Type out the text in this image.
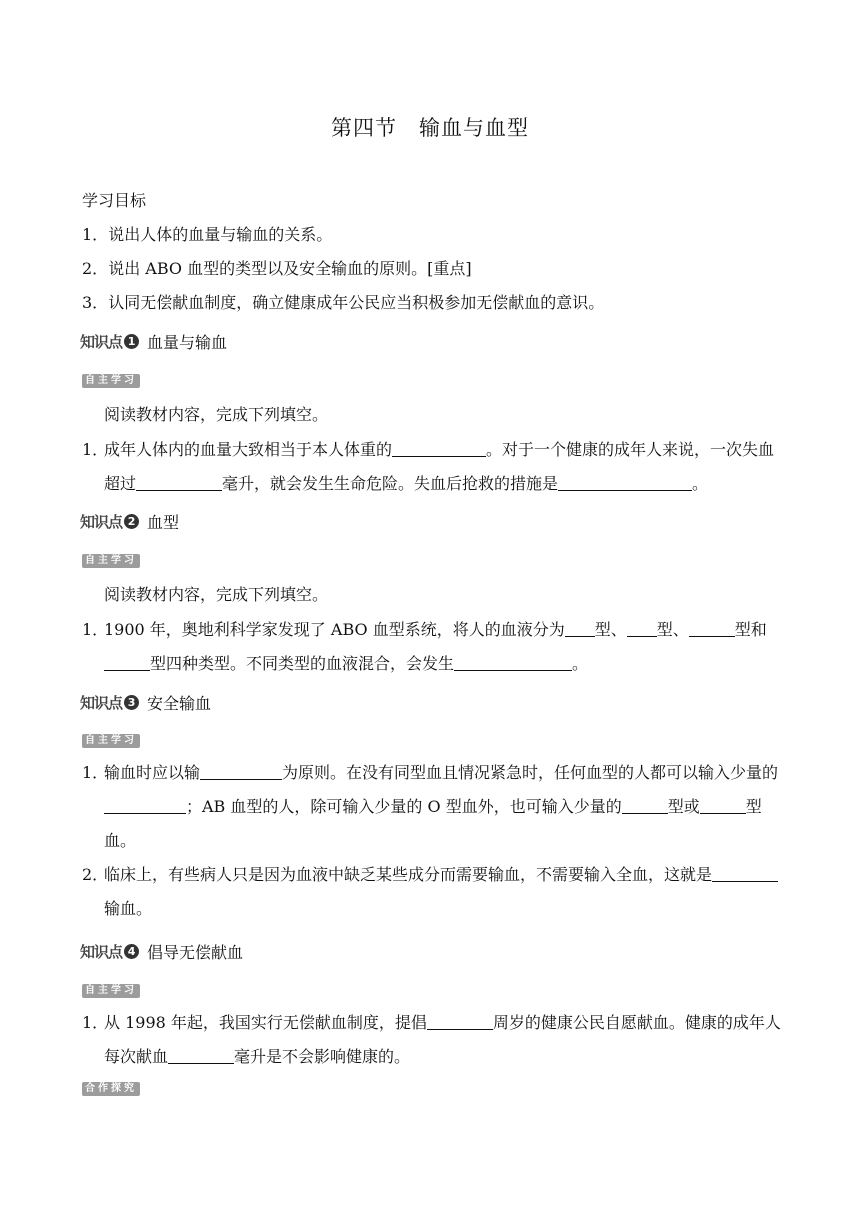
第四节　输血与血型
学习目标
1．说出人体的血量与输血的关系。
2．说出 ABO 血型的类型以及安全输血的原则。[重点]
3．认同无偿献血制度，确立健康成年公民应当积极参加无偿献血的意识。
知识点 1 血量与输血
自主学习
阅读教材内容，完成下列填空。
1．
成年人体内的血量大致相当于本人体重的	。对于一个健康的成年人来说，一次失血超过	毫升，就会发生生命危险。失血后抢救的措施是	。
知识点 2 血型
自主学习
阅读教材内容，完成下列填空。
1．
1900 年，奥地利科学家发现了 ABO 血型系统，将人的血液分为 型、 型、	型和型四种类型。不同类型的血液混合，会发生	。
知识点 3 安全输血
自主学习
1．
输血时应以输	为原则。在没有同型血且情况紧急时，任何血型的人都可以输入少量的；AB 血型的人，除可输入少量的 O 型血外，也可输入少量的	型或	型血。
2．
临床上，有些病人只是因为血液中缺乏某些成分而需要输血，不需要输入全血，这就是输血。
知识点 4 倡导无偿献血
自主学习
1．
从 1998 年起，我国实行无偿献血制度，提倡	周岁的健康公民自愿献血。健康的成年人每次献血	毫升是不会影响健康的。
合作探究
